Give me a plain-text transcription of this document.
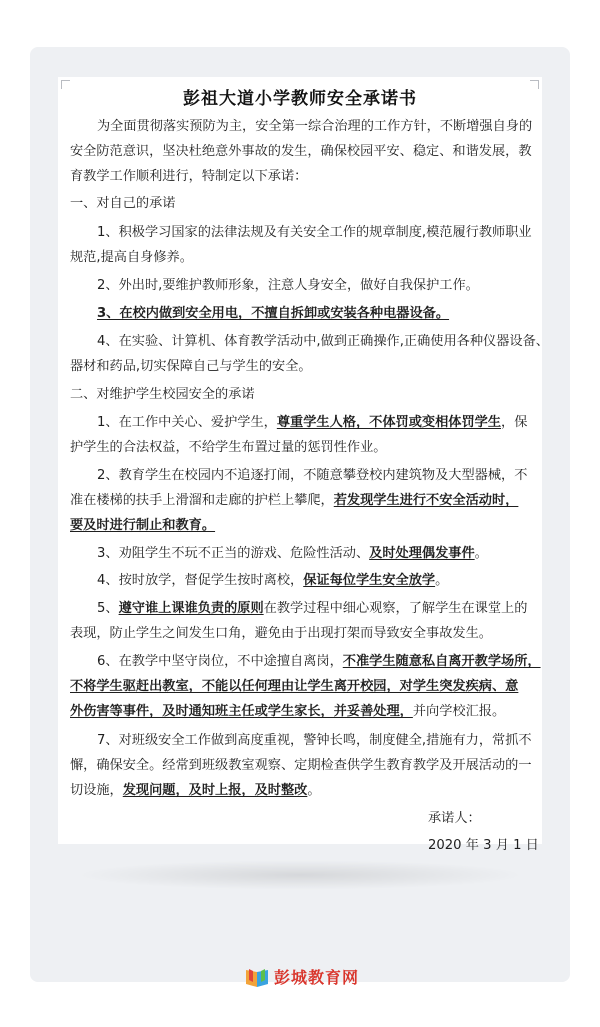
彭祖大道小学教师安全承诺书
为全面贯彻落实预防为主，安全第一综合治理的工作方针，不断增强自身的
安全防范意识，坚决杜绝意外事故的发生，确保校园平安、稳定、和谐发展，教
育教学工作顺利进行，特制定以下承诺：
一、对自己的承诺
1、积极学习国家的法律法规及有关安全工作的规章制度,模范履行教师职业
规范,提高自身修养。
2、外出时,要维护教师形象，注意人身安全，做好自我保护工作。
3、在校内做到安全用电，不擅自拆卸或安装各种电器设备。
4、在实验、计算机、体育教学活动中,做到正确操作,正确使用各种仪器设备、
器材和药品,切实保障自己与学生的安全。
二、对维护学生校园安全的承诺
1、在工作中关心、爱护学生，尊重学生人格，不体罚或变相体罚学生，保
护学生的合法权益，不给学生布置过量的惩罚性作业。
2、教育学生在校园内不追逐打闹，不随意攀登校内建筑物及大型器械，不
准在楼梯的扶手上滑溜和走廊的护栏上攀爬，若发现学生进行不安全活动时，
要及时进行制止和教育。
3、劝阻学生不玩不正当的游戏、危险性活动、及时处理偶发事件。
4、按时放学，督促学生按时离校，保证每位学生安全放学。
5、遵守谁上课谁负责的原则在教学过程中细心观察，了解学生在课堂上的
表现，防止学生之间发生口角，避免由于出现打架而导致安全事故发生。
6、在教学中坚守岗位，不中途擅自离岗，不准学生随意私自离开教学场所，
不将学生驱赶出教室，不能以任何理由让学生离开校园，对学生突发疾病、意
外伤害等事件，及时通知班主任或学生家长，并妥善处理，并向学校汇报。
7、对班级安全工作做到高度重视，警钟长鸣，制度健全,措施有力，常抓不
懈，确保安全。经常到班级教室观察、定期检查供学生教育教学及开展活动的一
切设施，发现问题，及时上报，及时整改。
承诺人：
2020 年 3 月 1 日
彭城教育网
